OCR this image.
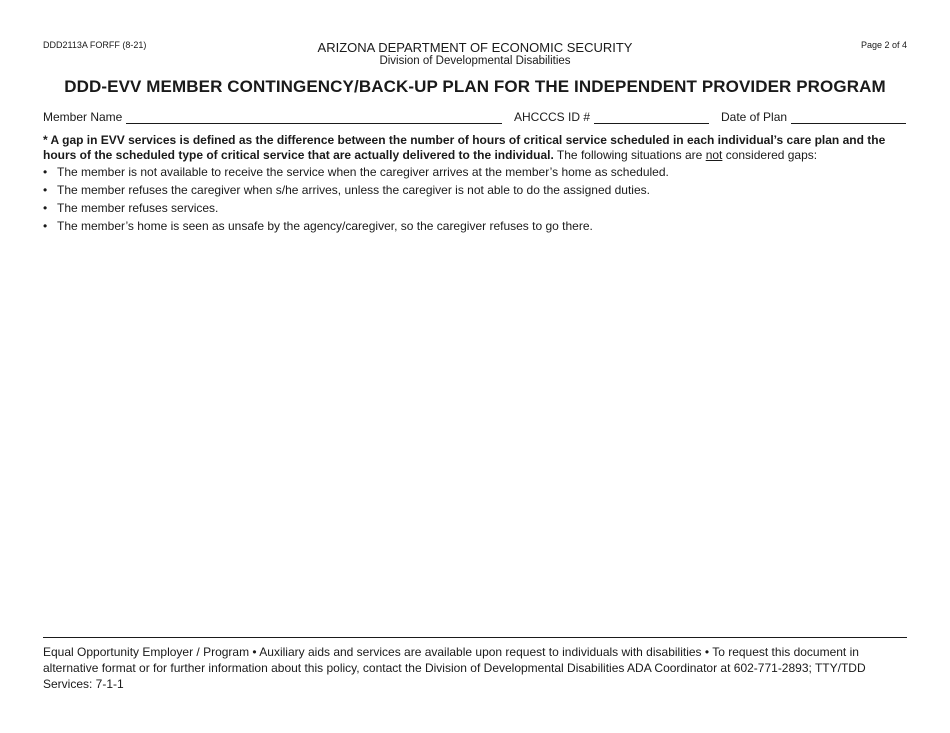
DDD2113A FORFF (8-21)	ARIZONA DEPARTMENT OF ECONOMIC SECURITY
Division of Developmental Disabilities
Page 2 of 4
DDD-EVV MEMBER CONTINGENCY/BACK-UP PLAN FOR THE INDEPENDENT PROVIDER PROGRAM
Member Name	AHCCCS ID #	Date of Plan
* A gap in EVV services is defined as the difference between the number of hours of critical service scheduled in each individual’s care plan and the hours of the scheduled type of critical service that are actually delivered to the individual. The following situations are not considered gaps:
• The member is not available to receive the service when the caregiver arrives at the member’s home as scheduled.
• The member refuses the caregiver when s/he arrives, unless the caregiver is not able to do the assigned duties.
• The member refuses services.
• The member’s home is seen as unsafe by the agency/caregiver, so the caregiver refuses to go there.
Equal Opportunity Employer / Program • Auxiliary aids and services are available upon request to individuals with disabilities • To request this document in alternative format or for further information about this policy, contact the Division of Developmental Disabilities ADA Coordinator at 602-771-2893; TTY/TDD Services: 7-1-1
